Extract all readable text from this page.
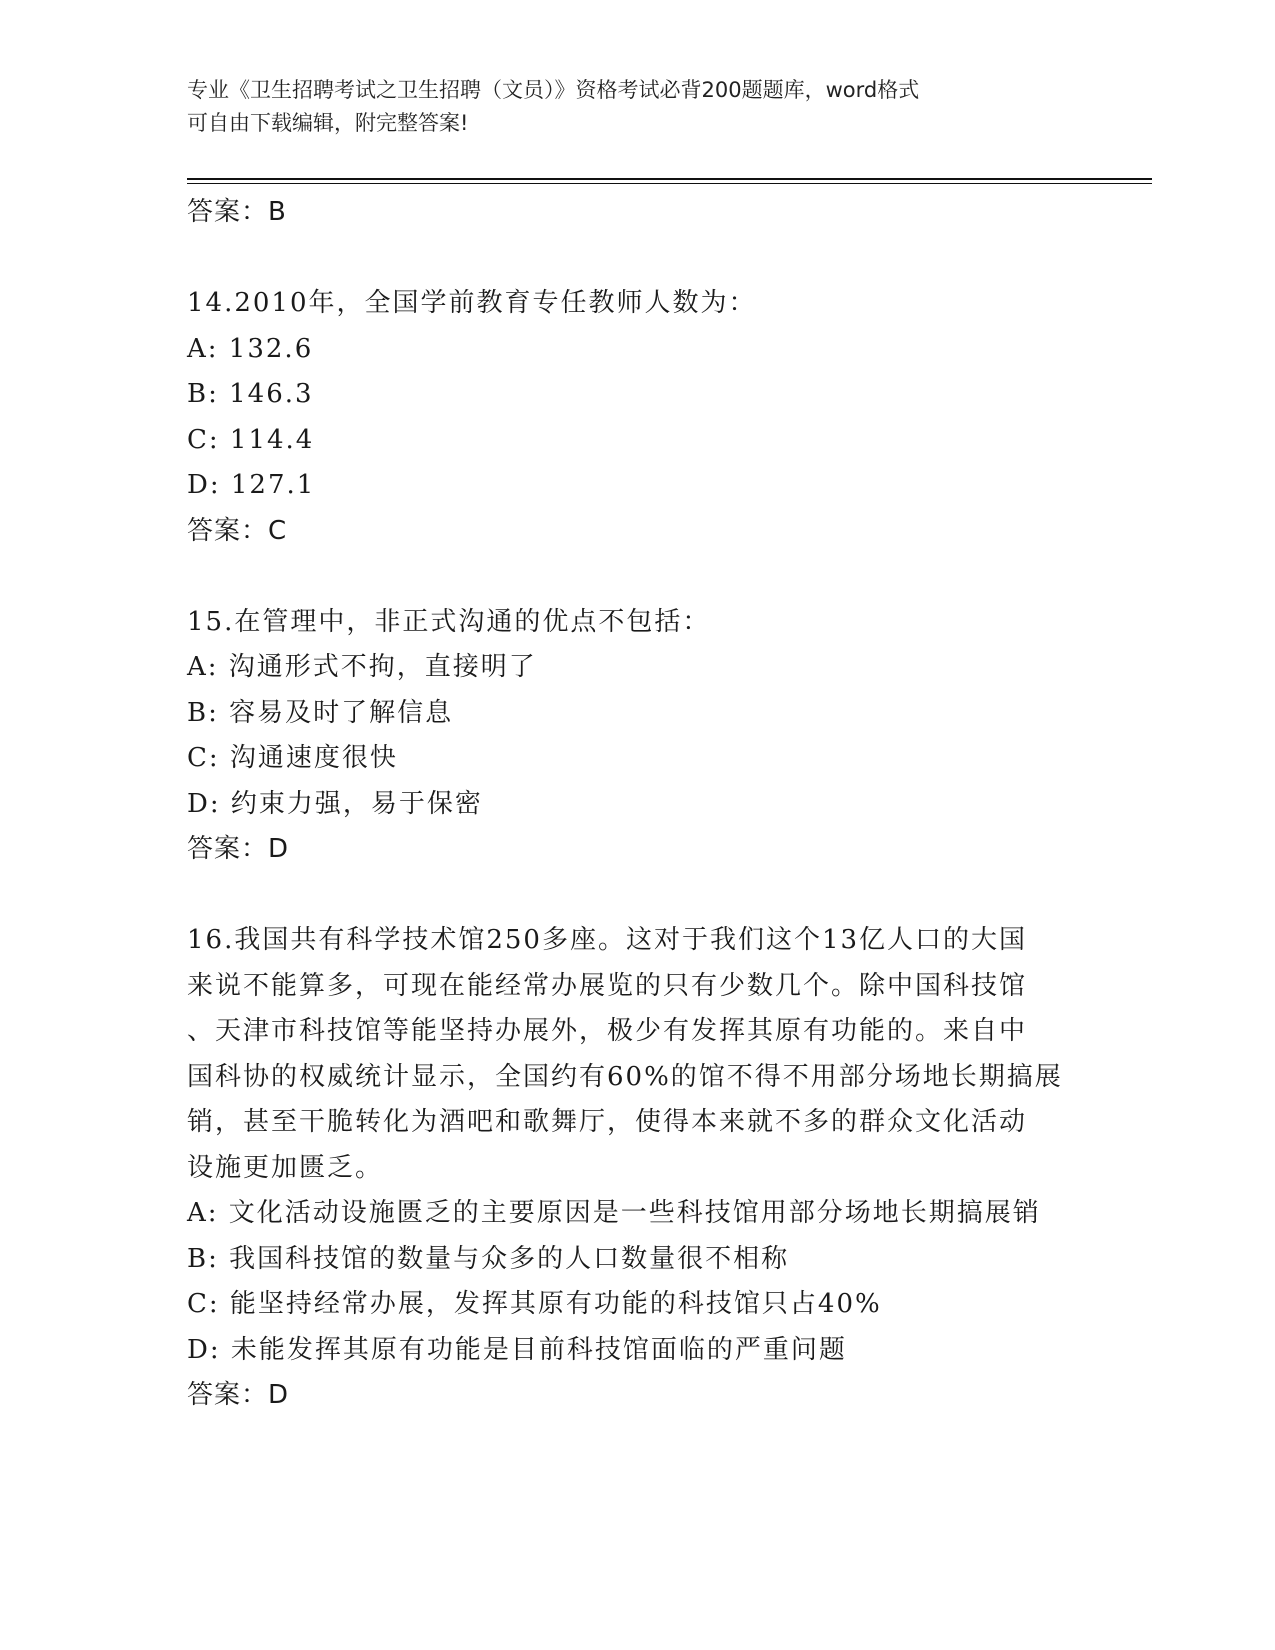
专业《卫生招聘考试之卫生招聘（文员）》资格考试必背200题题库，word格式
可自由下载编辑，附完整答案!
答案：B
14.2010年，全国学前教育专任教师人数为：
A: 132.6
B: 146.3
C: 114.4
D: 127.1
答案：C
15.在管理中，非正式沟通的优点不包括：
A: 沟通形式不拘，直接明了
B: 容易及时了解信息
C: 沟通速度很快
D: 约束力强，易于保密
答案：D
16.我国共有科学技术馆250多座。这对于我们这个13亿人口的大国
来说不能算多，可现在能经常办展览的只有少数几个。除中国科技馆
、天津市科技馆等能坚持办展外，极少有发挥其原有功能的。来自中
国科协的权威统计显示，全国约有60%的馆不得不用部分场地长期搞展
销，甚至干脆转化为酒吧和歌舞厅，使得本来就不多的群众文化活动
设施更加匮乏。
A: 文化活动设施匮乏的主要原因是一些科技馆用部分场地长期搞展销
B: 我国科技馆的数量与众多的人口数量很不相称
C: 能坚持经常办展，发挥其原有功能的科技馆只占40%
D: 未能发挥其原有功能是目前科技馆面临的严重问题
答案：D
